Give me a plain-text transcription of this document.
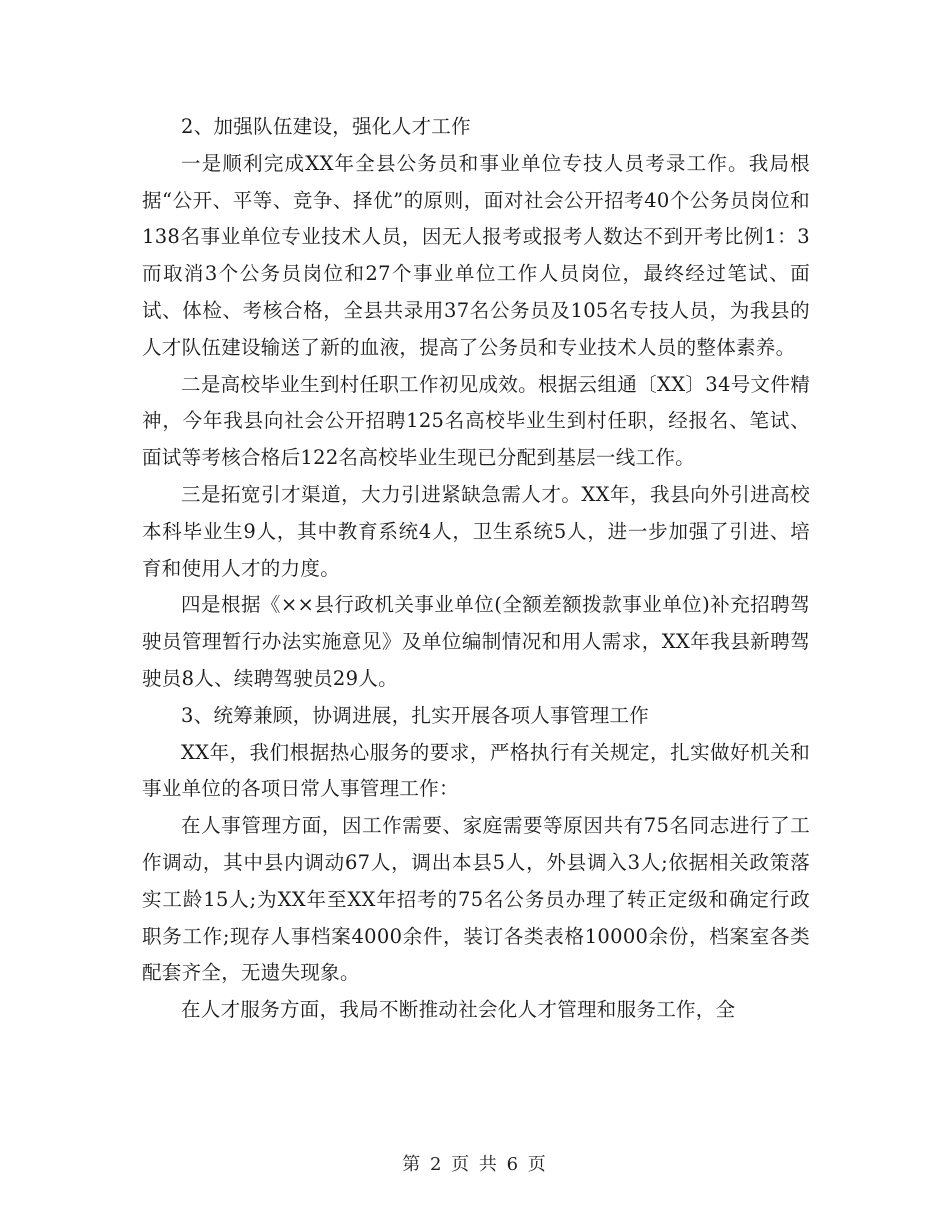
2、加强队伍建设，强化人才工作

一是顺利完成XX年全县公务员和事业单位专技人员考录工作。我局根据“公开、平等、竞争、择优”的原则，面对社会公开招考40个公务员岗位和138名事业单位专业技术人员，因无人报考或报考人数达不到开考比例1：3而取消3个公务员岗位和27个事业单位工作人员岗位，最终经过笔试、面试、体检、考核合格，全县共录用37名公务员及105名专技人员，为我县的人才队伍建设输送了新的血液，提高了公务员和专业技术人员的整体素养。

二是高校毕业生到村任职工作初见成效。根据云组通〔XX〕34号文件精神，今年我县向社会公开招聘125名高校毕业生到村任职，经报名、笔试、面试等考核合格后122名高校毕业生现已分配到基层一线工作。

三是拓宽引才渠道，大力引进紧缺急需人才。XX年，我县向外引进高校本科毕业生9人，其中教育系统4人，卫生系统5人，进一步加强了引进、培育和使用人才的力度。

四是根据《××县行政机关事业单位(全额差额拨款事业单位)补充招聘驾驶员管理暂行办法实施意见》及单位编制情况和用人需求，XX年我县新聘驾驶员8人、续聘驾驶员29人。

3、统筹兼顾，协调进展，扎实开展各项人事管理工作

XX年，我们根据热心服务的要求，严格执行有关规定，扎实做好机关和事业单位的各项日常人事管理工作：

在人事管理方面，因工作需要、家庭需要等原因共有75名同志进行了工作调动，其中县内调动67人，调出本县5人，外县调入3人;依据相关政策落实工龄15人;为XX年至XX年招考的75名公务员办理了转正定级和确定行政职务工作;现存人事档案4000余件，装订各类表格10000余份，档案室各类配套齐全，无遗失现象。

在人才服务方面，我局不断推动社会化人才管理和服务工作，全

第 2 页 共 6 页
